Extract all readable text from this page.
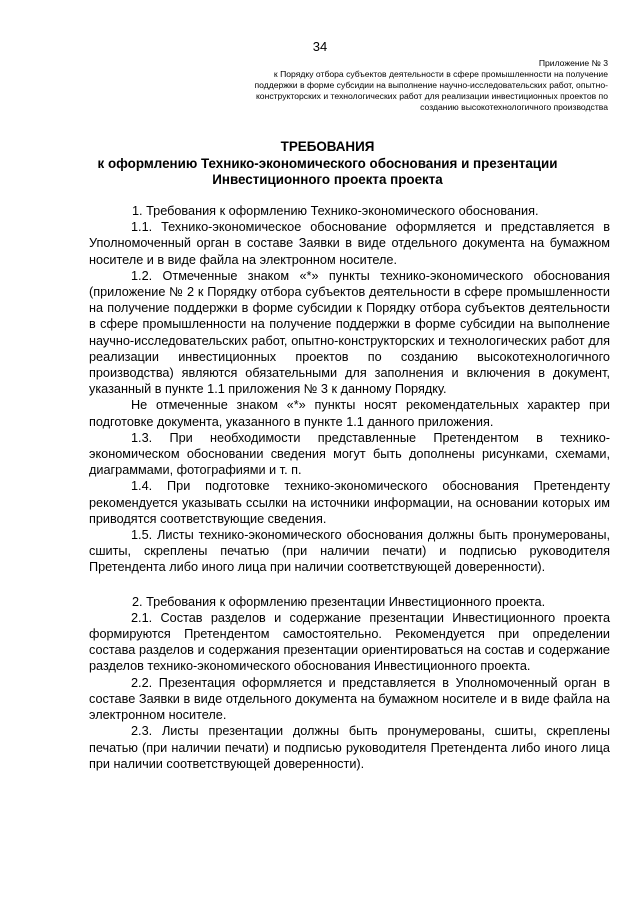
34
Приложение № 3
к Порядку отбора субъектов деятельности в сфере промышленности на получение поддержки в форме субсидии на выполнение научно-исследовательских работ, опытно-конструкторских и технологических работ для реализации инвестиционных проектов по созданию высокотехнологичного производства
ТРЕБОВАНИЯ
к оформлению Технико-экономического обоснования и презентации
Инвестиционного проекта проекта

1. Требования к оформлению Технико-экономического обоснования.

1.1. Технико-экономическое обоснование оформляется и представляется в Уполномоченный орган в составе Заявки в виде отдельного документа на бумажном носителе и в виде файла на электронном носителе.

1.2. Отмеченные знаком «*» пункты технико-экономического обоснования (приложение № 2 к Порядку отбора субъектов деятельности в сфере промышленности на получение поддержки в форме субсидии к Порядку отбора субъектов деятельности в сфере промышленности на получение поддержки в форме субсидии на выполнение научно-исследовательских работ, опытно-конструкторских и технологических работ для реализации инвестиционных проектов по созданию высокотехнологичного производства) являются обязательными для заполнения и включения в документ, указанный в пункте 1.1 приложения № 3 к данному Порядку.

Не отмеченные знаком «*» пункты носят рекомендательных характер при подготовке документа, указанного в пункте 1.1 данного приложения.

1.3. При необходимости представленные Претендентом в технико-экономическом обосновании сведения могут быть дополнены рисунками, схемами, диаграммами, фотографиями и т. п.

1.4. При подготовке технико-экономического обоснования Претенденту рекомендуется указывать ссылки на источники информации, на основании которых им приводятся соответствующие сведения.

1.5. Листы технико-экономического обоснования должны быть пронумерованы, сшиты, скреплены печатью (при наличии печати) и подписью руководителя Претендента либо иного лица при наличии соответствующей доверенности).

2. Требования к оформлению презентации Инвестиционного проекта.

2.1. Состав разделов и содержание презентации Инвестиционного проекта формируются Претендентом самостоятельно. Рекомендуется при определении состава разделов и содержания презентации ориентироваться на состав и содержание разделов технико-экономического обоснования Инвестиционного проекта.

2.2. Презентация оформляется и представляется в Уполномоченный орган в составе Заявки в виде отдельного документа на бумажном носителе и в виде файла на электронном носителе.

2.3. Листы презентации должны быть пронумерованы, сшиты, скреплены печатью (при наличии печати) и подписью руководителя Претендента либо иного лица при наличии соответствующей доверенности).
